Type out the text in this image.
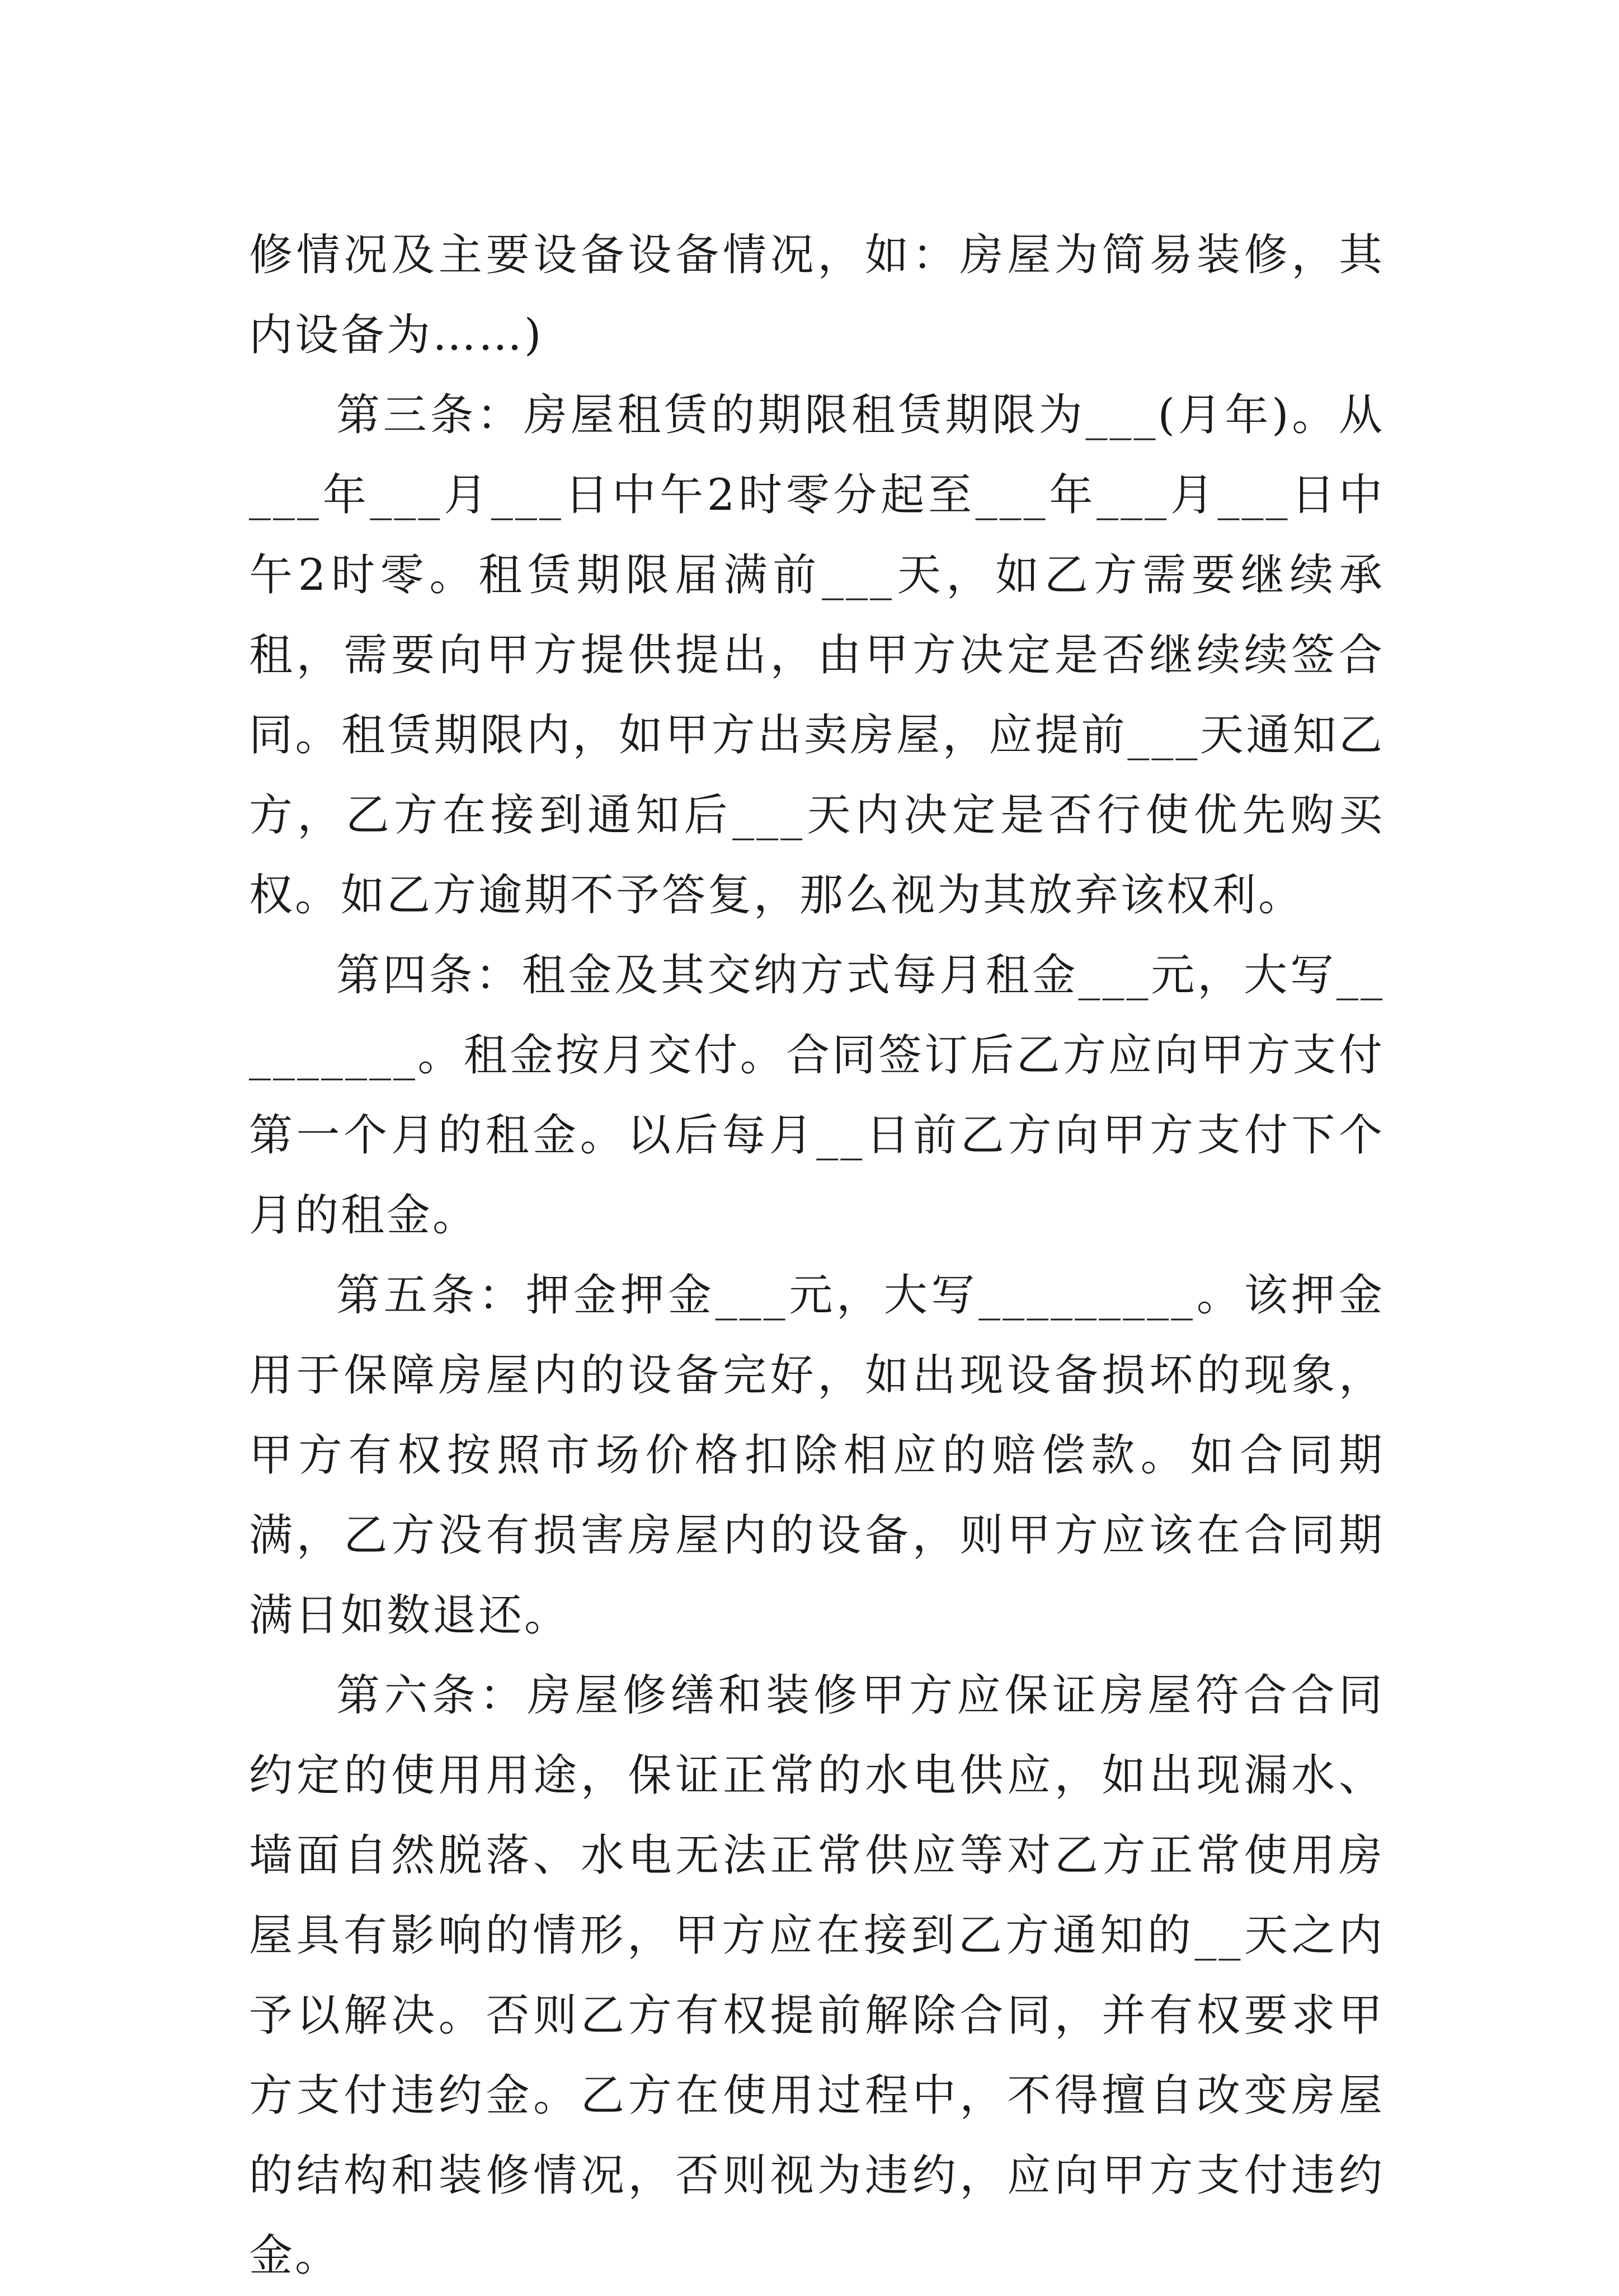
修情况及主要设备设备情况，如：房屋为简易装修，其内设备为……)

第三条：房屋租赁的期限租赁期限为___(月年)。从___年___月___日中午2时零分起至___年___月___日中午2时零。租赁期限届满前___天，如乙方需要继续承租，需要向甲方提供提出，由甲方决定是否继续续签合同。租赁期限内，如甲方出卖房屋，应提前___天通知乙方，乙方在接到通知后___天内决定是否行使优先购买权。如乙方逾期不予答复，那么视为其放弃该权利。

第四条：租金及其交纳方式每月租金___元，大写_________。租金按月交付。合同签订后乙方应向甲方支付第一个月的租金。以后每月__日前乙方向甲方支付下个月的租金。

第五条：押金押金___元，大写_________。该押金用于保障房屋内的设备完好，如出现设备损坏的现象，甲方有权按照市场价格扣除相应的赔偿款。如合同期满，乙方没有损害房屋内的设备，则甲方应该在合同期满日如数退还。

第六条：房屋修缮和装修甲方应保证房屋符合合同约定的使用用途，保证正常的水电供应，如出现漏水、墙面自然脱落、水电无法正常供应等对乙方正常使用房屋具有影响的情形，甲方应在接到乙方通知的__天之内予以解决。否则乙方有权提前解除合同，并有权要求甲方支付违约金。乙方在使用过程中，不得擅自改变房屋的结构和装修情况，否则视为违约，应向甲方支付违约金。
